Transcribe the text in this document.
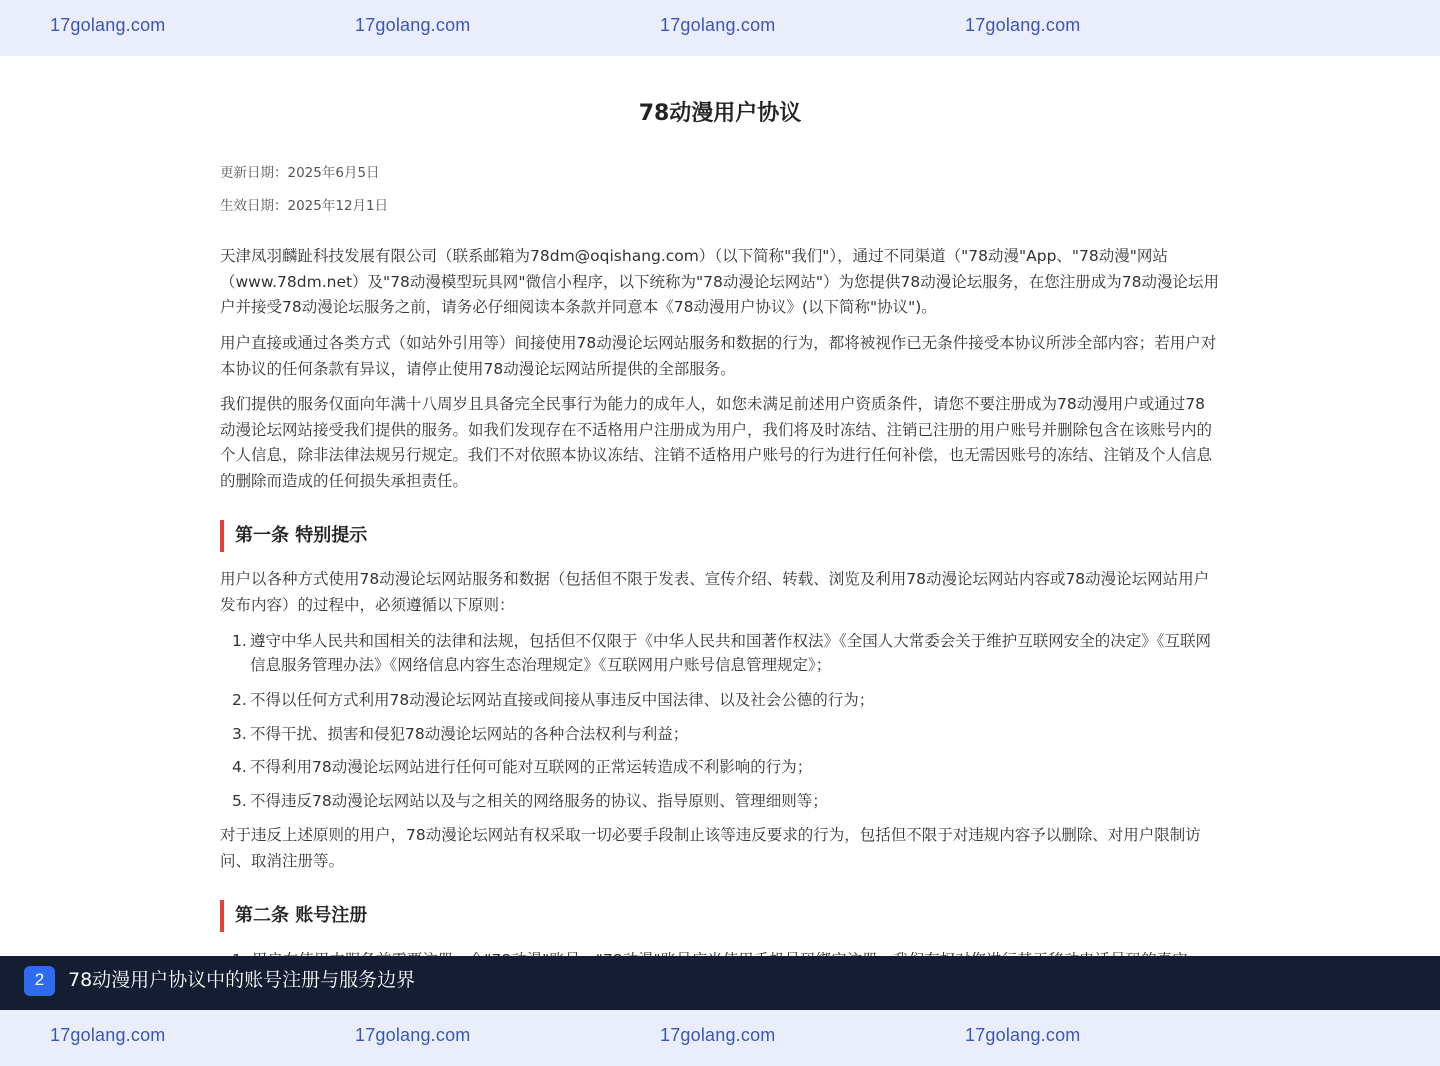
17golang.com	17golang.com	17golang.com	17golang.com
78动漫用户协议
更新日期：2025年6月5日
生效日期：2025年12月1日

天津凤羽麟趾科技发展有限公司（联系邮箱为78dm@oqishang.com）（以下简称"我们"），通过不同渠道（"78动漫"App、"78动漫"网站（www.78dm.net）及"78动漫模型玩具网"微信小程序，以下统称为"78动漫论坛网站"）为您提供78动漫论坛服务，在您注册成为78动漫论坛用户并接受78动漫论坛服务之前，请务必仔细阅读本条款并同意本《78动漫用户协议》(以下简称"协议")。

用户直接或通过各类方式（如站外引用等）间接使用78动漫论坛网站服务和数据的行为，都将被视作已无条件接受本协议所涉全部内容；若用户对本协议的任何条款有异议，请停止使用78动漫论坛网站所提供的全部服务。

我们提供的服务仅面向年满十八周岁且具备完全民事行为能力的成年人，如您未满足前述用户资质条件，请您不要注册成为78动漫用户或通过78动漫论坛网站接受我们提供的服务。如我们发现存在不适格用户注册成为用户，我们将及时冻结、注销已注册的用户账号并删除包含在该账号内的个人信息，除非法律法规另行规定。我们不对依照本协议冻结、注销不适格用户账号的行为进行任何补偿，也无需因账号的冻结、注销及个人信息的删除而造成的任何损失承担责任。

第一条 特别提示

用户以各种方式使用78动漫论坛网站服务和数据（包括但不限于发表、宣传介绍、转载、浏览及利用78动漫论坛网站内容或78动漫论坛网站用户发布内容）的过程中，必须遵循以下原则：

1. 遵守中华人民共和国相关的法律和法规，包括但不仅限于《中华人民共和国著作权法》《全国人大常委会关于维护互联网安全的决定》《互联网信息服务管理办法》《网络信息内容生态治理规定》《互联网用户账号信息管理规定》；
2. 不得以任何方式利用78动漫论坛网站直接或间接从事违反中国法律、以及社会公德的行为；
3. 不得干扰、损害和侵犯78动漫论坛网站的各种合法权利与利益；
4. 不得利用78动漫论坛网站进行任何可能对互联网的正常运转造成不利影响的行为；
5. 不得违反78动漫论坛网站以及与之相关的网络服务的协议、指导原则、管理细则等；

对于违反上述原则的用户，78动漫论坛网站有权采取一切必要手段制止该等违反要求的行为，包括但不限于对违规内容予以删除、对用户限制访问、取消注册等。

第二条 账号注册

2	78动漫用户协议中的账号注册与服务边界
17golang.com	17golang.com	17golang.com	17golang.com
